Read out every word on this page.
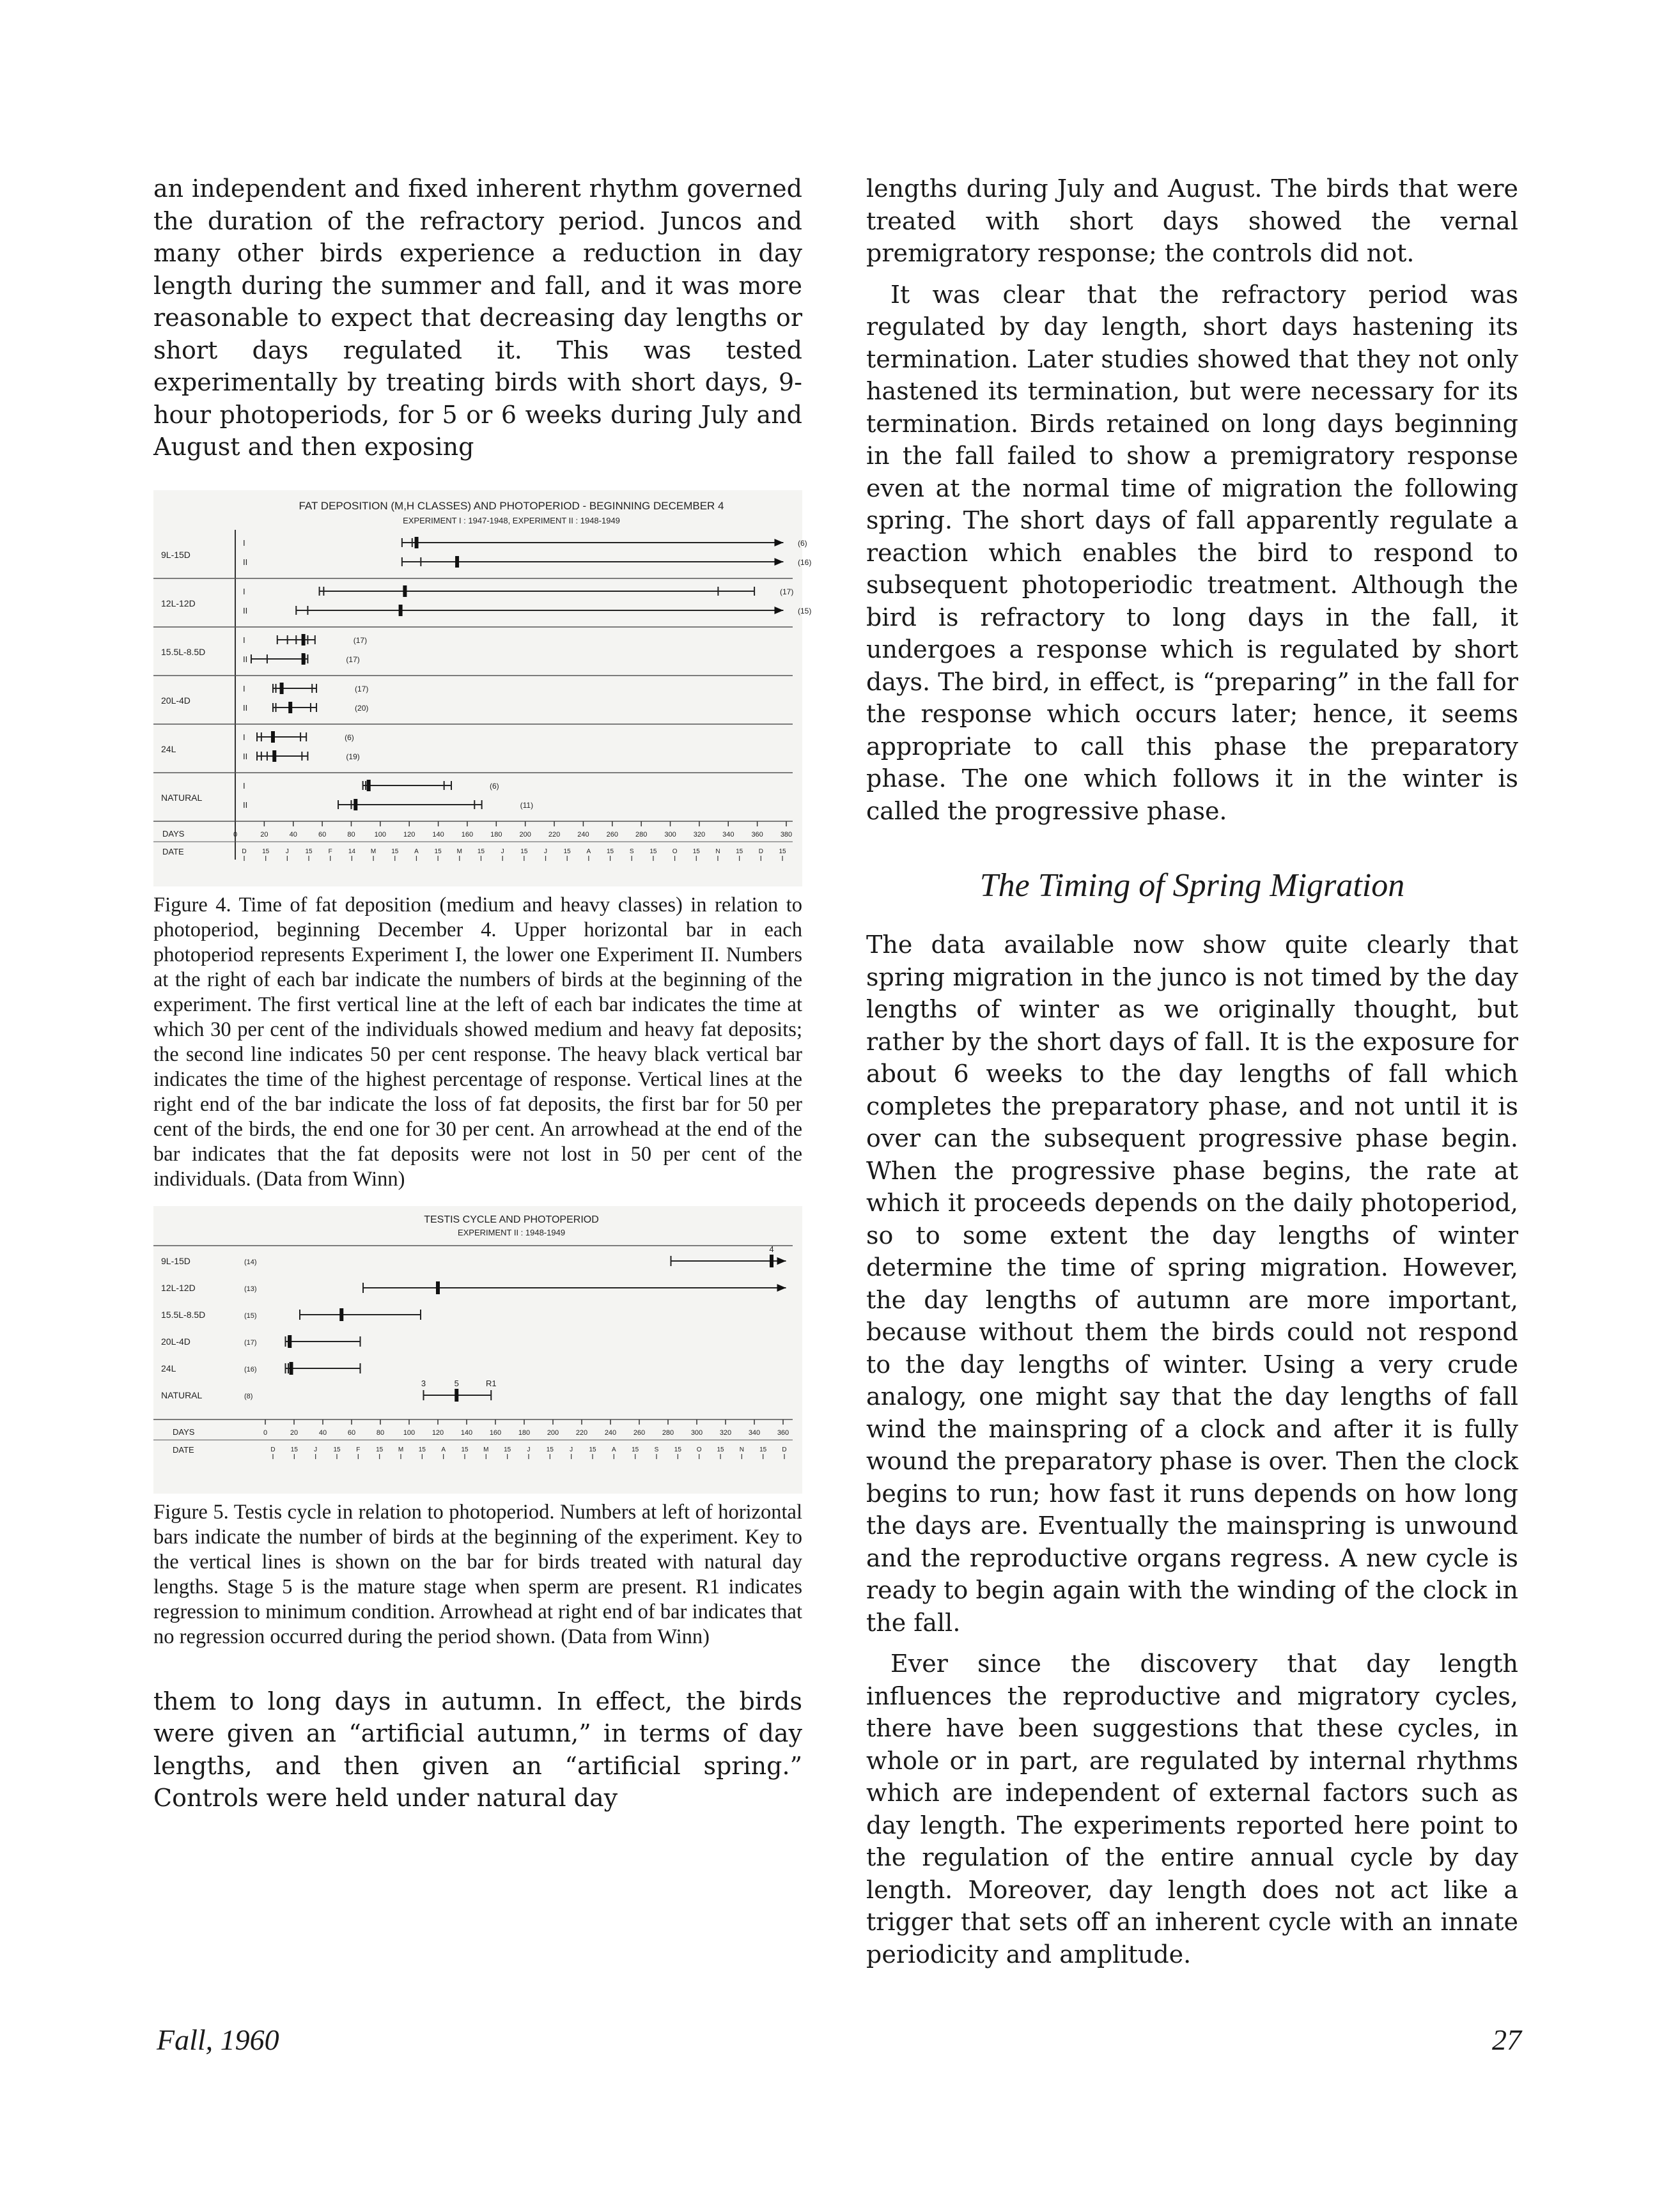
an independent and fixed inherent rhythm governed the duration of the refractory period. Juncos and many other birds experience a reduction in day length during the summer and fall, and it was more reasonable to expect that decreasing day lengths or short days regulated it. This was tested experimentally by treating birds with short days, 9-hour photoperiods, for 5 or 6 weeks during July and August and then exposing

FAT DEPOSITION (M,H CLASSES) AND PHOTOPERIOD - BEGINNING DECEMBER 4
EXPERIMENT I : 1947-1948, EXPERIMENT II : 1948-1949
9L-15D
I	(6)
II	(16)
12L-12D
I	(17)
II	(15)
15.5L-8.5D
I	(17)
II	(17)
20L-4D
I	(17)
II	(20)
24L
I	(6)
II	(19)
NATURAL
I	(6)
II	(11)
DAYS
DATE
0	20	40	60	80	100 120 140 160 180 200 220 240 260 280 300 320 340 360 380
D 15	J	15	F	14 M 15 A 15 M 15	J	15	J	15 A 15 S 15 O 15 N 15 D 15

Figure 4. Time of fat deposition (medium and heavy classes) in relation to photoperiod, beginning December 4. Upper horizontal bar in each photoperiod represents Experiment I, the lower one Experiment II. Numbers at the right of each bar indicate the numbers of birds at the beginning of the experiment. The first vertical line at the left of each bar indicates the time at which 30 per cent of the individuals showed medium and heavy fat deposits; the second line indicates 50 per cent response. The heavy black vertical bar indicates the time of the highest percentage of response. Vertical lines at the right end of the bar indicate the loss of fat deposits, the first bar for 50 per cent of the birds, the end one for 30 per cent. An arrowhead at the end of the bar indicates that the fat deposits were not lost in 50 per cent of the individuals. (Data from Winn)

TESTIS CYCLE AND PHOTOPERIOD
EXPERIMENT II : 1948-1949
9L-15D	(14)
4
12L-12D	(13)
15.5L-8.5D	(15)
20L-4D	(17)
24L	(16)
NATURAL	(8)
3	5	R1
DAYS
DATE
0	20	40	60	80	100 120 140 160 180 200 220 240 260 280 300 320 340 360
D 15	J	15 F 15 M 15 A 15 M 15	J	15	J	15 A 15 S 15 O 15 N 15 D

Figure 5. Testis cycle in relation to photoperiod. Numbers at left of horizontal bars indicate the number of birds at the beginning of the experiment. Key to the vertical lines is shown on the bar for birds treated with natural day lengths. Stage 5 is the mature stage when sperm are present. R1 indicates regression to minimum condition. Arrowhead at right end of bar indicates that no regression occurred during the period shown. (Data from Winn)

them to long days in autumn. In effect, the birds were given an “artificial autumn,” in terms of day lengths, and then given an “artificial spring.” Controls were held under natural day

lengths during July and August. The birds that were treated with short days showed the vernal premigratory response; the controls did not.

It was clear that the refractory period was regulated by day length, short days hastening its termination. Later studies showed that they not only hastened its termination, but were necessary for its termination. Birds retained on long days beginning in the fall failed to show a premigratory response even at the normal time of migration the following spring. The short days of fall apparently regulate a reaction which enables the bird to respond to subsequent photoperiodic treatment. Although the bird is refractory to long days in the fall, it undergoes a response which is regulated by short days. The bird, in effect, is “preparing” in the fall for the response which occurs later; hence, it seems appropriate to call this phase the preparatory phase. The one which follows it in the winter is called the progressive phase.

The Timing of Spring Migration

The data available now show quite clearly that spring migration in the junco is not timed by the day lengths of winter as we originally thought, but rather by the short days of fall. It is the exposure for about 6 weeks to the day lengths of fall which completes the preparatory phase, and not until it is over can the subsequent progressive phase begin. When the progressive phase begins, the rate at which it proceeds depends on the daily photoperiod, so to some extent the day lengths of winter determine the time of spring migration. However, the day lengths of autumn are more important, because without them the birds could not respond to the day lengths of winter. Using a very crude analogy, one might say that the day lengths of fall wind the mainspring of a clock and after it is fully wound the preparatory phase is over. Then the clock begins to run; how fast it runs depends on how long the days are. Eventually the mainspring is unwound and the reproductive organs regress. A new cycle is ready to begin again with the winding of the clock in the fall.

Ever since the discovery that day length influences the reproductive and migratory cycles, there have been suggestions that these cycles, in whole or in part, are regulated by internal rhythms which are independent of external factors such as day length. The experiments reported here point to the regulation of the entire annual cycle by day length. Moreover, day length does not act like a trigger that sets off an inherent cycle with an innate periodicity and amplitude.

Fall, 1960	27
